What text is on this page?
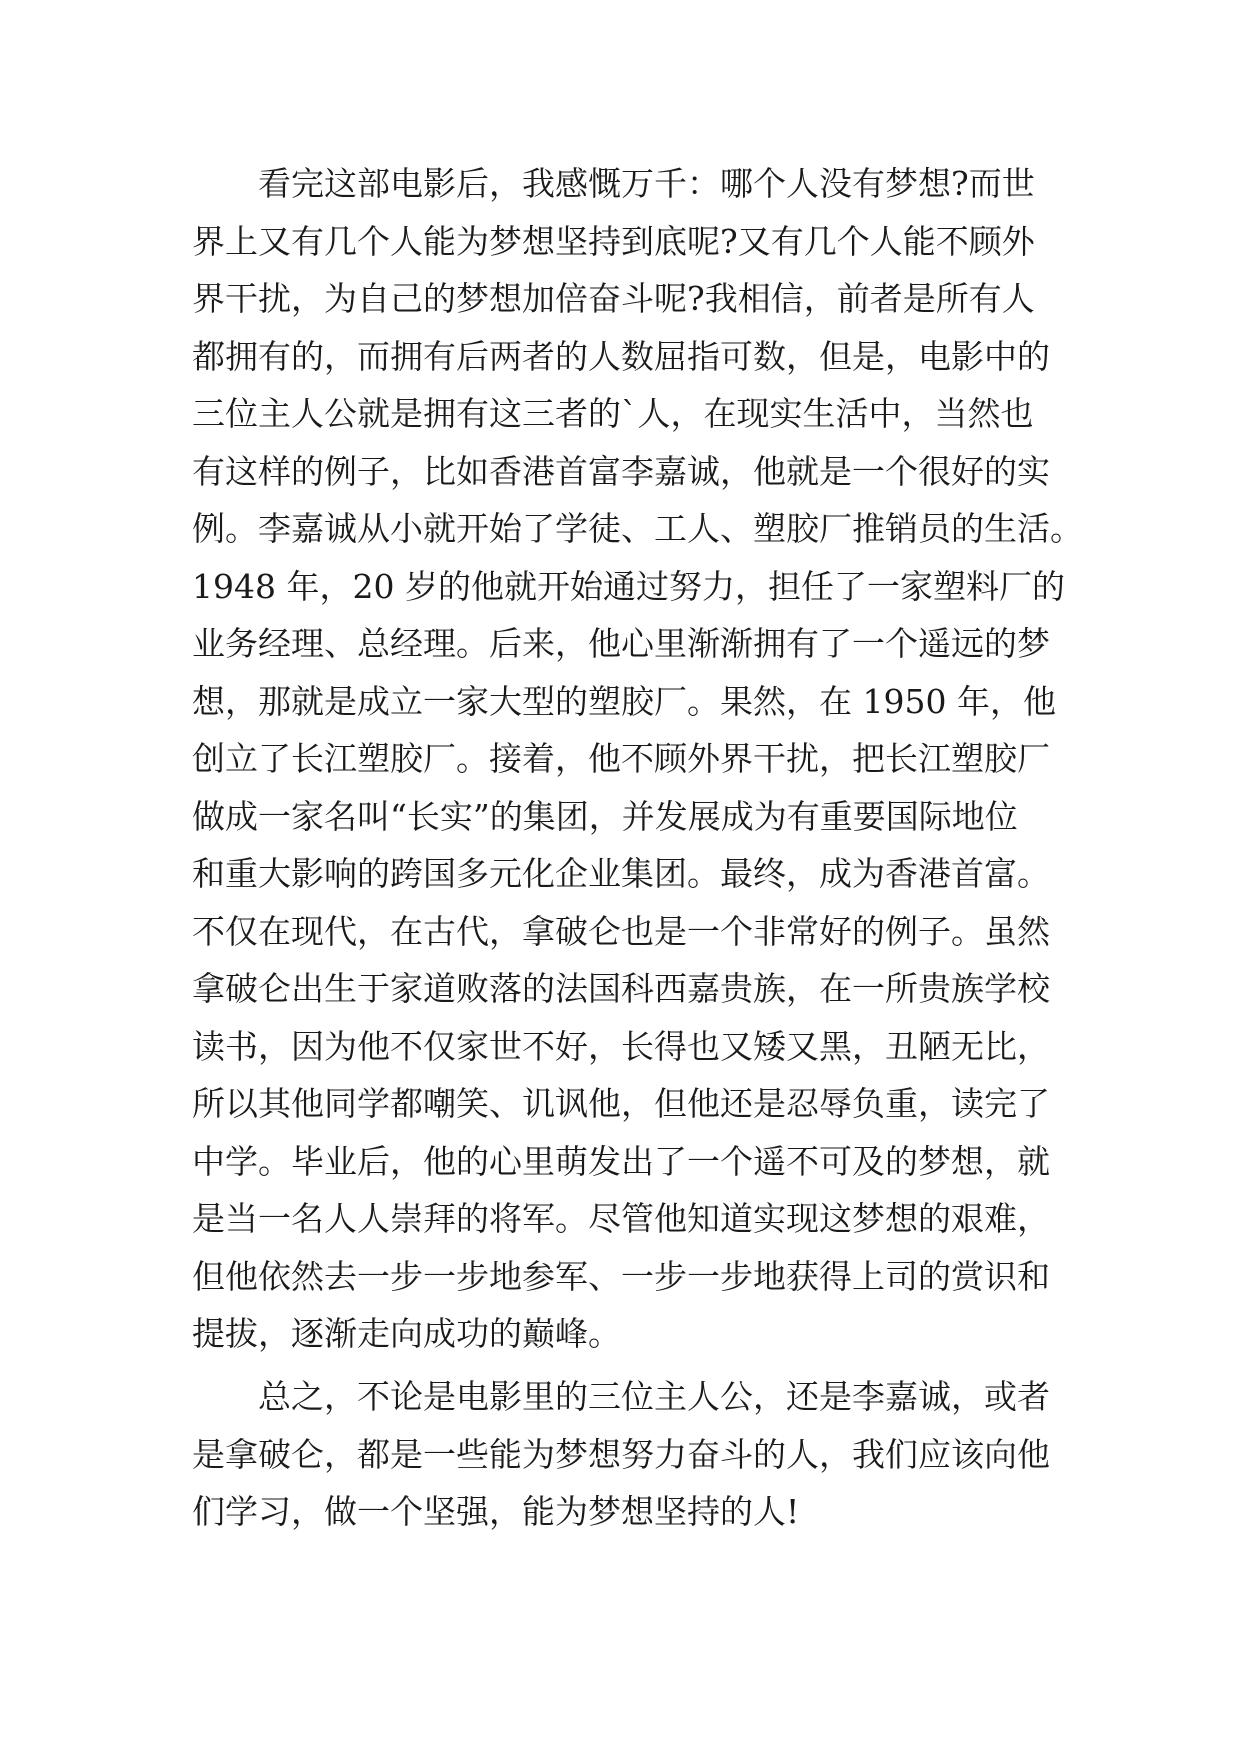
　　看完这部电影后，我感慨万千：哪个人没有梦想?而世
界上又有几个人能为梦想坚持到底呢?又有几个人能不顾外
界干扰，为自己的梦想加倍奋斗呢?我相信，前者是所有人
都拥有的，而拥有后两者的人数屈指可数，但是，电影中的
三位主人公就是拥有这三者的`人，在现实生活中，当然也
有这样的例子，比如香港首富李嘉诚，他就是一个很好的实
例。李嘉诚从小就开始了学徒、工人、塑胶厂推销员的生活。
1948 年，20 岁的他就开始通过努力，担任了一家塑料厂的
业务经理、总经理。后来，他心里渐渐拥有了一个遥远的梦
想，那就是成立一家大型的塑胶厂。果然，在 1950 年，他
创立了长江塑胶厂。接着，他不顾外界干扰，把长江塑胶厂
做成一家名叫“长实”的集团，并发展成为有重要国际地位
和重大影响的跨国多元化企业集团。最终，成为香港首富。
不仅在现代，在古代，拿破仑也是一个非常好的例子。虽然
拿破仑出生于家道败落的法国科西嘉贵族，在一所贵族学校
读书，因为他不仅家世不好，长得也又矮又黑，丑陋无比，
所以其他同学都嘲笑、讥讽他，但他还是忍辱负重，读完了
中学。毕业后，他的心里萌发出了一个遥不可及的梦想，就
是当一名人人崇拜的将军。尽管他知道实现这梦想的艰难，
但他依然去一步一步地参军、一步一步地获得上司的赏识和
提拔，逐渐走向成功的巅峰。
　　总之，不论是电影里的三位主人公，还是李嘉诚，或者
是拿破仑，都是一些能为梦想努力奋斗的人，我们应该向他
们学习，做一个坚强，能为梦想坚持的人!
